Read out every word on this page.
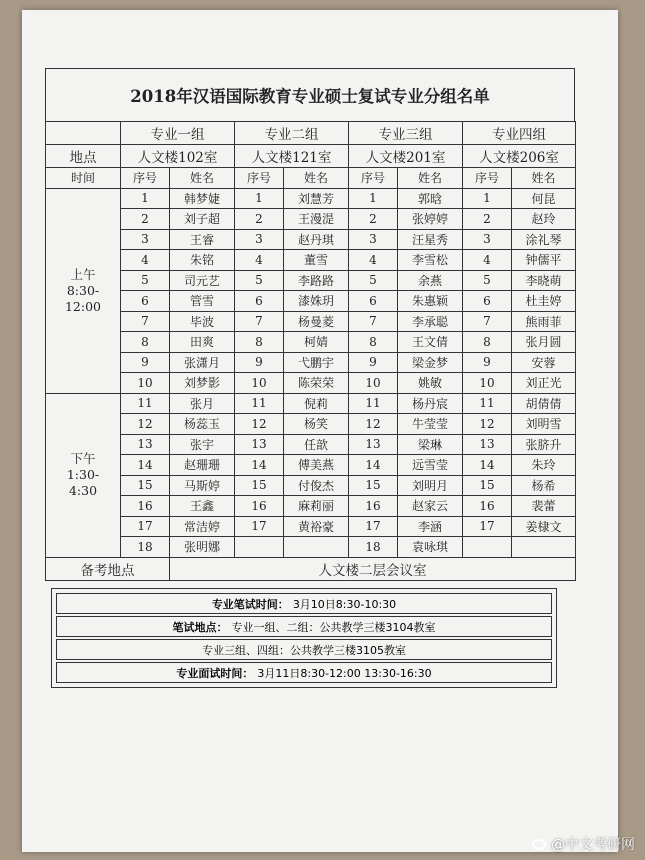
2018年汉语国际教育专业硕士复试专业分组名单
	专业一组		专业二组		专业三组		专业四组	
地点	人文楼102室		人文楼121室		人文楼201室		人文楼206室	
时间	序号	姓名	序号	姓名	序号	姓名	序号	姓名

上午
8:30-
12:00	1	韩梦婕	1	刘慧芳	1	郭晗	1	何昆
	2	刘子超	2	王漫湜	2	张婷婷	2	赵玲
	3	王睿	3	赵丹琪	3	汪星秀	3	涂礼琴
	4	朱铭	4	董雪	4	李雪松	4	钟儒平
	5	司元艺	5	李路路	5	余燕	5	李晓萌
	6	管雪	6	漆姝玥	6	朱惠颖	6	杜圭婷
	7	毕波	7	杨曼菱	7	李承聪	7	熊雨菲
	8	田爽	8	柯婧	8	王文倩	8	张月圆
	9	张潇月	9	弋鹏宇	9	梁金梦	9	安蓉
	10	刘梦影	10	陈荣荣	10	姚敏	10	刘正光

下午
1:30-
4:30	11	张月	11	倪莉	11	杨丹宸	11	胡倩倩
	12	杨蕊玉	12	杨笑	12	牛莹莹	12	刘明雪
	13	张宇	13	任歆	13	梁琳	13	张脐升
	14	赵珊珊	14	傅美燕	14	远雪莹	14	朱玲
	15	马斯婷	15	付俊杰	15	刘明月	15	杨希
	16	王鑫	16	麻莉丽	16	赵家云	16	裴蕾
	17	常洁婷	17	黄裕豪	17	李涵	17	姜棣文
	18	张明娜			18	袁咏琪		
备考地点		人文楼二层会议室						
专业笔试时间： 3月10日8:30-10:30
笔试地点： 专业一组、二组：公共教学三楼3104教室
专业三组、四组：公共教学三楼3105教室
专业面试时间： 3月11日8:30-12:00 13:30-16:30
@中文考研网
